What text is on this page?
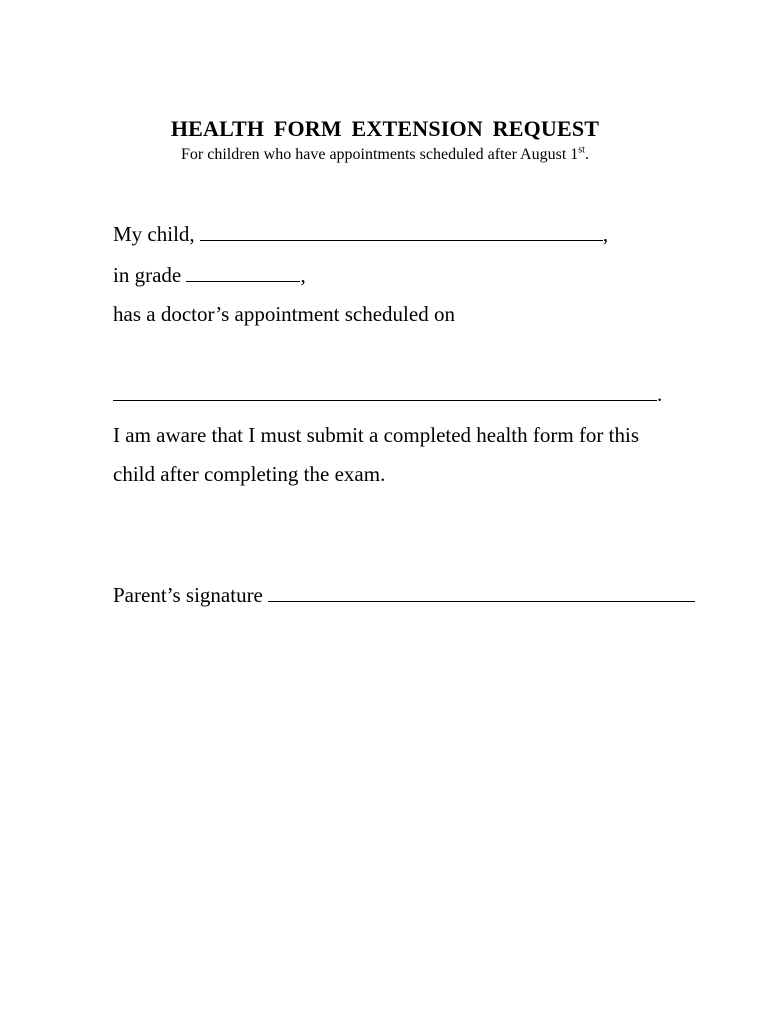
HEALTH FORM EXTENSION REQUEST
For children who have appointments scheduled after August 1st.
My child,	,
in grade	,
has a doctor’s appointment scheduled on
.
I am aware that I must submit a completed health form for this
child after completing the exam.
Parent’s signature
